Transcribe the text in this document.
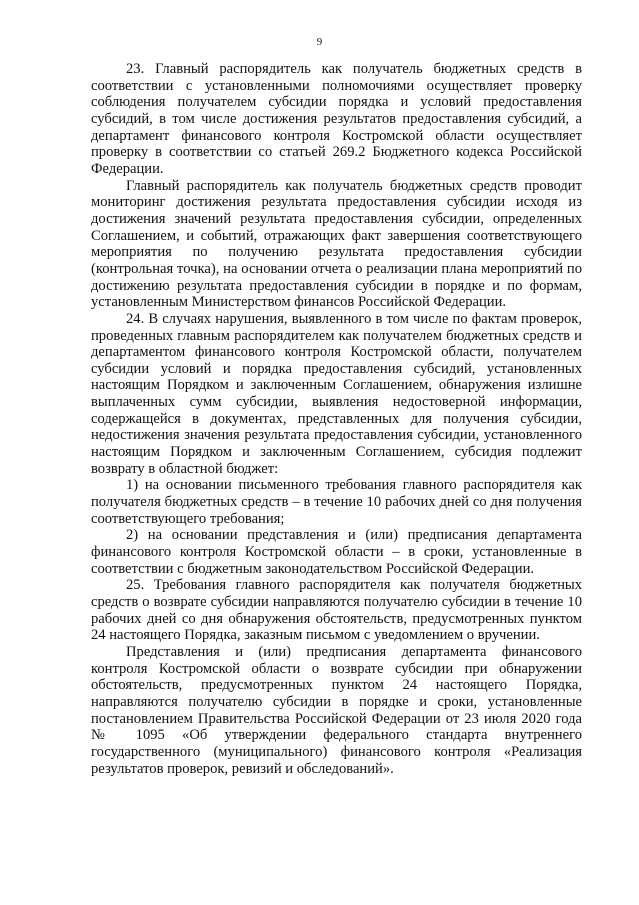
9

23. Главный распорядитель как получатель бюджетных средств в соответствии с установленными полномочиями осуществляет проверку соблюдения получателем субсидии порядка и условий предоставления субсидий, в том числе достижения результатов предоставления субсидий, а департамент финансового контроля Костромской области осуществляет проверку в соответствии со статьей 269.2 Бюджетного кодекса Российской Федерации.

Главный распорядитель как получатель бюджетных средств проводит мониторинг достижения результата предоставления субсидии исходя из достижения значений результата предоставления субсидии, определенных Соглашением, и событий, отражающих факт завершения соответствующего мероприятия по получению результата предоставления субсидии (контрольная точка), на основании отчета о реализации плана мероприятий по достижению результата предоставления субсидии в порядке и по формам, установленным Министерством финансов Российской Федерации.

24. В случаях нарушения, выявленного в том числе по фактам проверок, проведенных главным распорядителем как получателем бюджетных средств и департаментом финансового контроля Костромской области, получателем субсидии условий и порядка предоставления субсидий, установленных настоящим Порядком и заключенным Соглашением, обнаружения излишне выплаченных сумм субсидии, выявления недостоверной информации, содержащейся в документах, представленных для получения субсидии, недостижения значения результата предоставления субсидии, установленного настоящим Порядком и заключенным Соглашением, субсидия подлежит возврату в областной бюджет:

1) на основании письменного требования главного распорядителя как получателя бюджетных средств – в течение 10 рабочих дней со дня получения соответствующего требования;

2) на основании представления и (или) предписания департамента финансового контроля Костромской области – в сроки, установленные в соответствии с бюджетным законодательством Российской Федерации.

25. Требования главного распорядителя как получателя бюджетных средств о возврате субсидии направляются получателю субсидии в течение 10 рабочих дней со дня обнаружения обстоятельств, предусмотренных пунктом 24 настоящего Порядка, заказным письмом с уведомлением о вручении.

Представления и (или) предписания департамента финансового контроля Костромской области о возврате субсидии при обнаружении обстоятельств, предусмотренных пунктом 24 настоящего Порядка, направляются получателю субсидии в порядке и сроки, установленные постановлением Правительства Российской Федерации от 23 июля 2020 года № 1095 «Об утверждении федерального стандарта внутреннего государственного (муниципального) финансового контроля «Реализация результатов проверок, ревизий и обследований».
